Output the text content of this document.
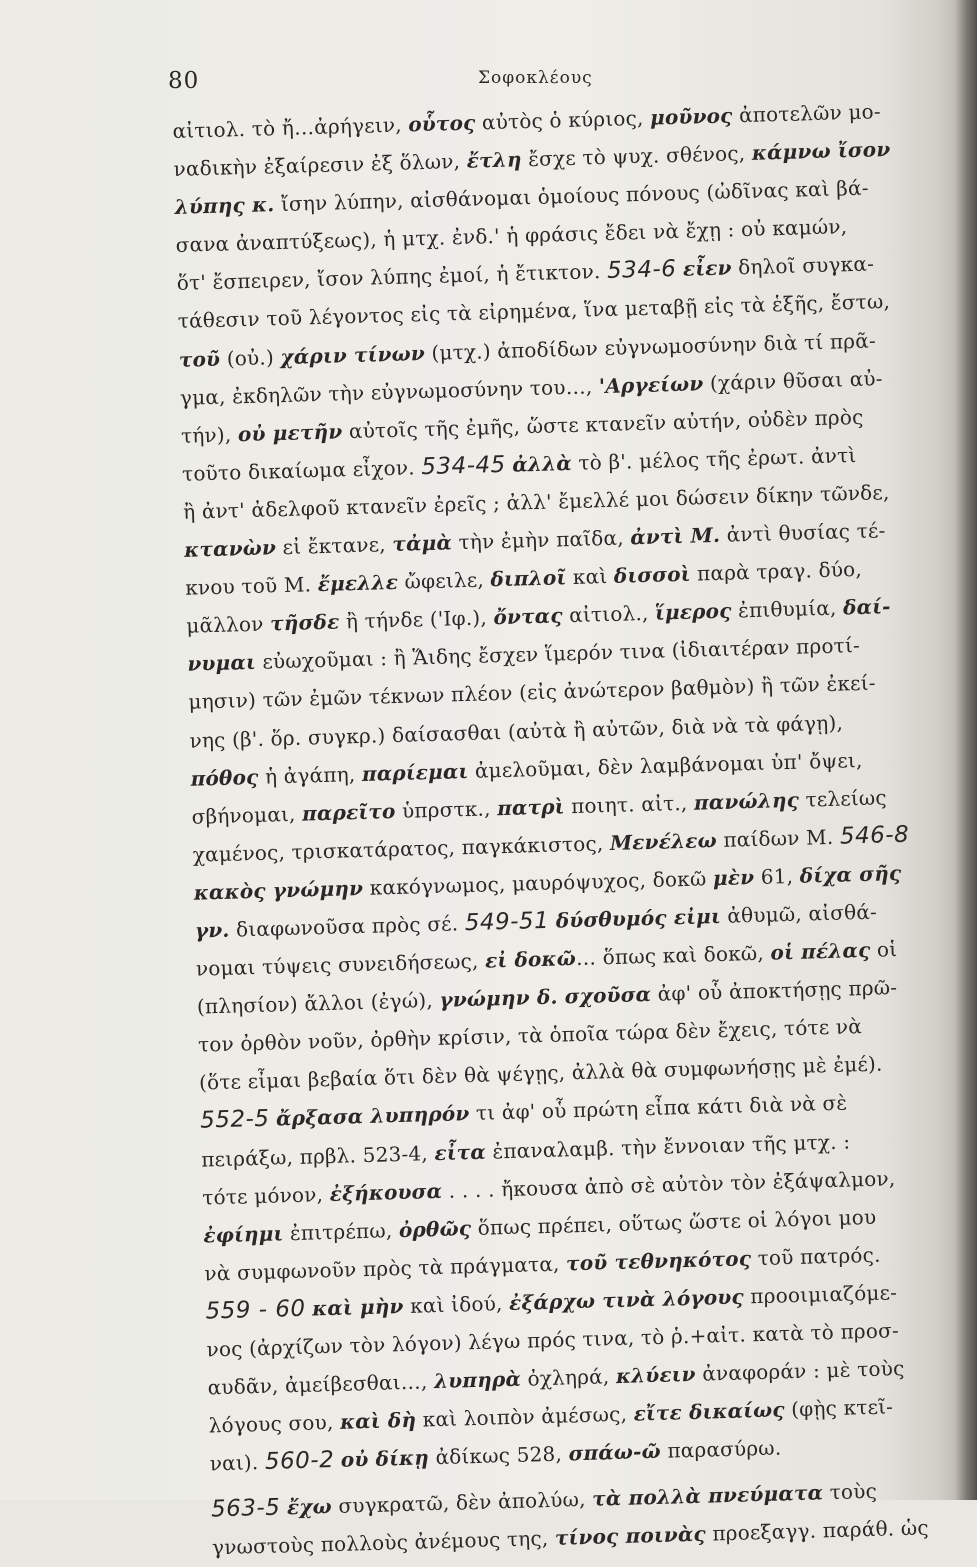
80	Σοφοκλέους
αἰτιολ. τὸ ἤ…ἀρήγειν, οὗτος αὐτὸς ὁ κύριος, μοῦνος ἀποτελῶν μο-
ναδικὴν ἐξαίρεσιν ἐξ ὅλων, ἔτλη ἔσχε τὸ ψυχ. σθένος, κάμνω ἴσον
λύπης κ. ἴσην λύπην, αἰσθάνομαι ὁμοίους πόνους (ὠδῖνας καὶ βά-
σανα ἀναπτύξεως), ἡ μτχ. ἐνδ.' ἡ φράσις ἔδει νὰ ἔχῃ : οὐ καμών,
ὅτ' ἔσπειρεν, ἴσον λύπης ἐμοί, ἡ ἔτικτον. 534-6 εἶεν δηλοῖ συγκα-
τάθεσιν τοῦ λέγοντος εἰς τὰ εἰρημένα, ἵνα μεταβῇ εἰς τὰ ἑξῆς, ἔστω,
τοῦ (οὐ.) χάριν τίνων (μτχ.) ἀποδίδων εὐγνωμοσύνην διὰ τί πρᾶ-
γμα, ἐκδηλῶν τὴν εὐγνωμοσύνην του…, 'Αργείων (χάριν θῦσαι αὐ-
τήν), οὐ μετῆν αὐτοῖς τῆς ἐμῆς, ὥστε κτανεῖν αὐτήν, οὐδὲν πρὸς
τοῦτο δικαίωμα εἶχον. 534-45 ἀλλὰ τὸ β'. μέλος τῆς ἐρωτ. ἀντὶ
ἢ ἀντ' ἀδελφοῦ κτανεῖν ἐρεῖς ; ἀλλ' ἔμελλέ μοι δώσειν δίκην τῶνδε,
κτανὼν εἰ ἔκτανε, τἀμὰ τὴν ἐμὴν παῖδα, ἀντὶ Μ. ἀντὶ θυσίας τέ-
κνου τοῦ Μ. ἔμελλε ὤφειλε, διπλοῖ καὶ δισσοὶ παρὰ τραγ. δύο,
μᾶλλον τῆσδε ἢ τήνδε ('Ιφ.), ὄντας αἰτιολ., ἵμερος ἐπιθυμία, δαί-
νυμαι εὐωχοῦμαι : ἢ Ἅιδης ἔσχεν ἵμερόν τινα (ἰδιαιτέραν προτί-
μησιν) τῶν ἐμῶν τέκνων πλέον (εἰς ἀνώτερον βαθμὸν) ἢ τῶν ἐκεί-
νης (β'. ὅρ. συγκρ.) δαίσασθαι (αὐτὰ ἢ αὐτῶν, διὰ νὰ τὰ φάγῃ),
πόθος ἡ ἀγάπη, παρίεμαι ἀμελοῦμαι, δὲν λαμβάνομαι ὑπ' ὄψει,
σβήνομαι, παρεῖτο ὑπρστκ., πατρὶ ποιητ. αἰτ., πανώλης τελείως
χαμένος, τρισκατάρατος, παγκάκιστος, Μενέλεω παίδων Μ. 546-8
κακὸς γνώμην κακόγνωμος, μαυρόψυχος, δοκῶ μὲν 61, δίχα σῆς
γν. διαφωνοῦσα πρὸς σέ. 549-51 δύσθυμός εἰμι ἀθυμῶ, αἰσθά-
νομαι τύψεις συνειδήσεως, εἰ δοκῶ… ὅπως καὶ δοκῶ, οἱ πέλας οἱ
(πλησίον) ἄλλοι (ἐγώ), γνώμην δ. σχοῦσα ἀφ' οὗ ἀποκτήσῃς πρῶ-
τον ὀρθὸν νοῦν, ὀρθὴν κρίσιν, τὰ ὁποῖα τώρα δὲν ἔχεις, τότε νὰ
(ὅτε εἶμαι βεβαία ὅτι δὲν θὰ ψέγῃς, ἀλλὰ θὰ συμφωνήσῃς μὲ ἐμέ).
552-5 ἄρξασα λυπηρόν τι ἀφ' οὗ πρώτη εἶπα κάτι διὰ νὰ σὲ
πειράξω, πρβλ. 523-4, εἶτα ἐπαναλαμβ. τὴν ἔννοιαν τῆς μτχ. :
τότε μόνον, ἐξήκουσα . . . . ἤκουσα ἀπὸ σὲ αὐτὸν τὸν ἐξάψαλμον,
ἐφίημι ἐπιτρέπω, ὀρθῶς ὅπως πρέπει, οὕτως ὥστε οἱ λόγοι μου
νὰ συμφωνοῦν πρὸς τὰ πράγματα, τοῦ τεθνηκότος τοῦ πατρός.
559 - 60 καὶ μὴν καὶ ἰδού, ἐξάρχω τινὰ λόγους προοιμιαζόμε-
νος (ἀρχίζων τὸν λόγον) λέγω πρός τινα, τὸ ῥ.+αἰτ. κατὰ τὸ προσ-
αυδᾶν, ἀμείβεσθαι…, λυπηρὰ ὀχληρά, κλύειν ἀναφοράν : μὲ τοὺς
λόγους σου, καὶ δὴ καὶ λοιπὸν ἀμέσως, εἴτε δικαίως (φῂς κτεῖ-
ναι). 560-2 οὐ δίκῃ ἀδίκως 528, σπάω-ῶ παρασύρω.
563-5 ἔχω συγκρατῶ, δὲν ἀπολύω, τὰ πολλὰ πνεύματα τοὺς
γνωστοὺς πολλοὺς ἀνέμους της, τίνος ποινὰς προεξαγγ. παράθ. ὡς
